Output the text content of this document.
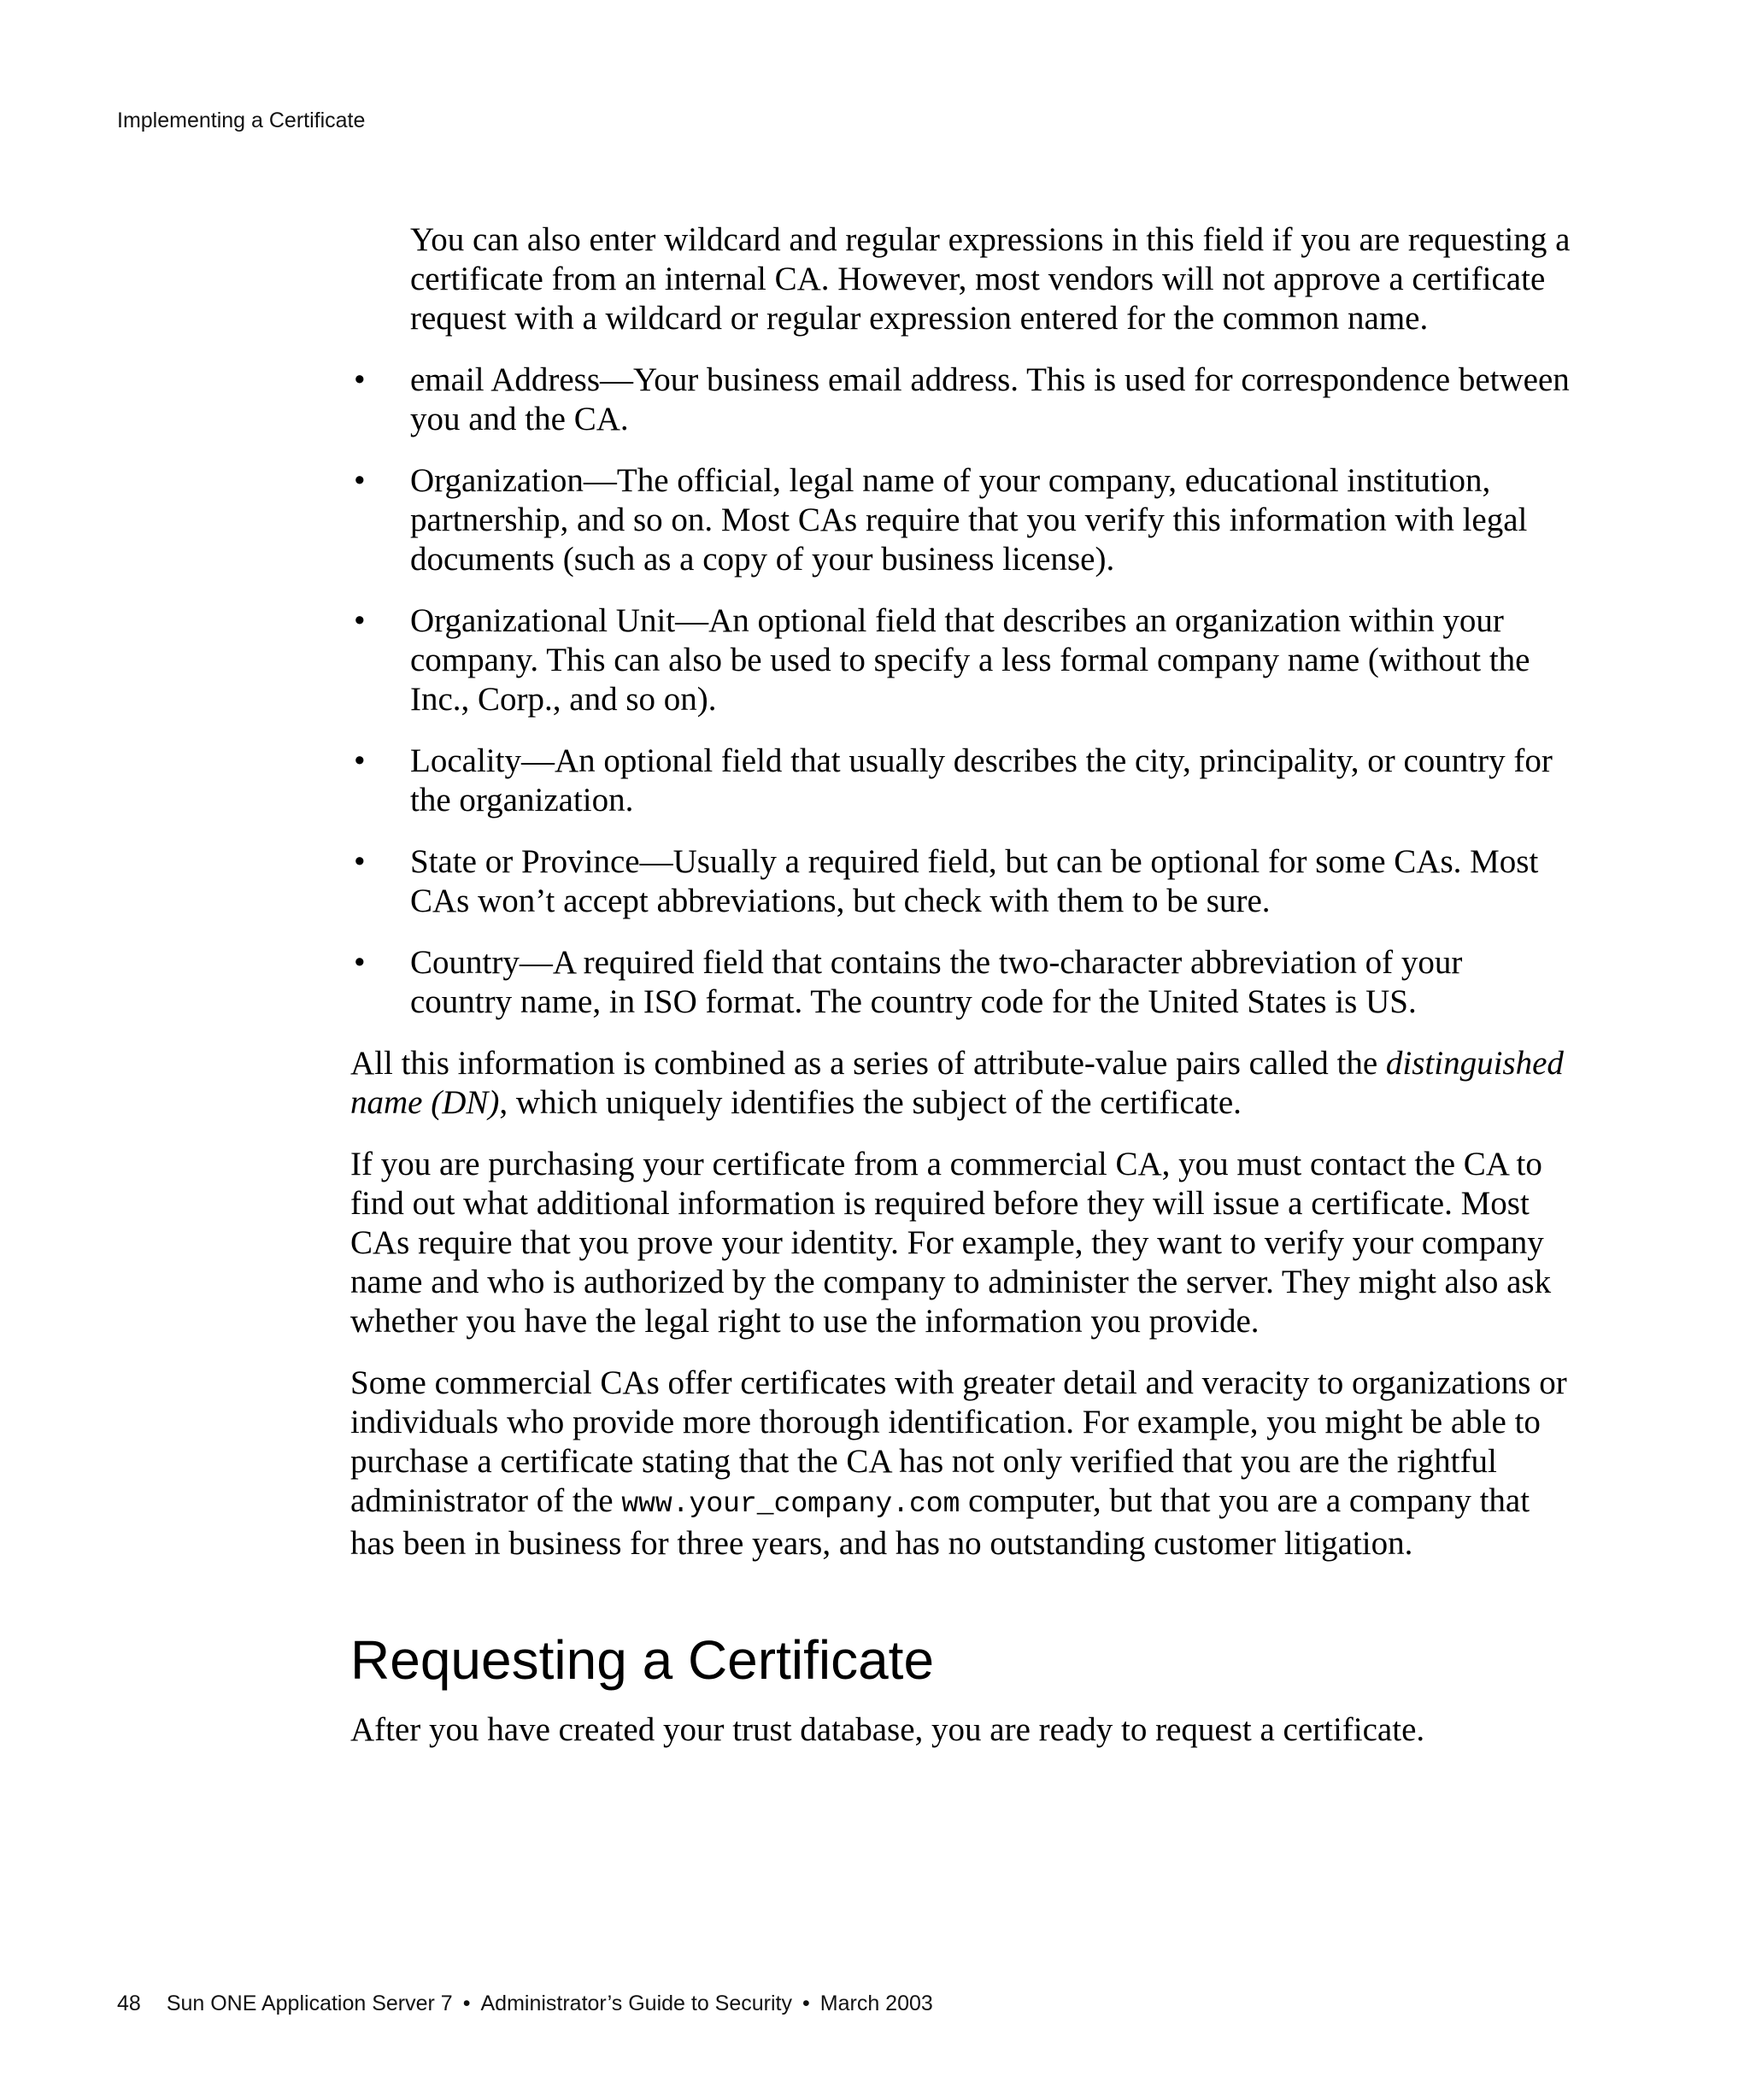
Implementing a Certificate

You can also enter wildcard and regular expressions in this field if you are requesting a certificate from an internal CA. However, most vendors will not approve a certificate request with a wildcard or regular expression entered for the common name.

• email Address—Your business email address. This is used for correspondence between you and the CA.
• Organization—The official, legal name of your company, educational institution, partnership, and so on. Most CAs require that you verify this information with legal documents (such as a copy of your business license).
• Organizational Unit—An optional field that describes an organization within your company. This can also be used to specify a less formal company name (without the Inc., Corp., and so on).
• Locality—An optional field that usually describes the city, principality, or country for the organization.
• State or Province—Usually a required field, but can be optional for some CAs. Most CAs won’t accept abbreviations, but check with them to be sure.
• Country—A required field that contains the two-character abbreviation of your country name, in ISO format. The country code for the United States is US.

All this information is combined as a series of attribute-value pairs called the distinguished name (DN), which uniquely identifies the subject of the certificate.

If you are purchasing your certificate from a commercial CA, you must contact the CA to find out what additional information is required before they will issue a certificate. Most CAs require that you prove your identity. For example, they want to verify your company name and who is authorized by the company to administer the server. They might also ask whether you have the legal right to use the information you provide.

Some commercial CAs offer certificates with greater detail and veracity to organizations or individuals who provide more thorough identification. For example, you might be able to purchase a certificate stating that the CA has not only verified that you are the rightful administrator of the www.your_company.com computer, but that you are a company that has been in business for three years, and has no outstanding customer litigation.

Requesting a Certificate

After you have created your trust database, you are ready to request a certificate.

48 Sun ONE Application Server 7 • Administrator’s Guide to Security • March 2003
